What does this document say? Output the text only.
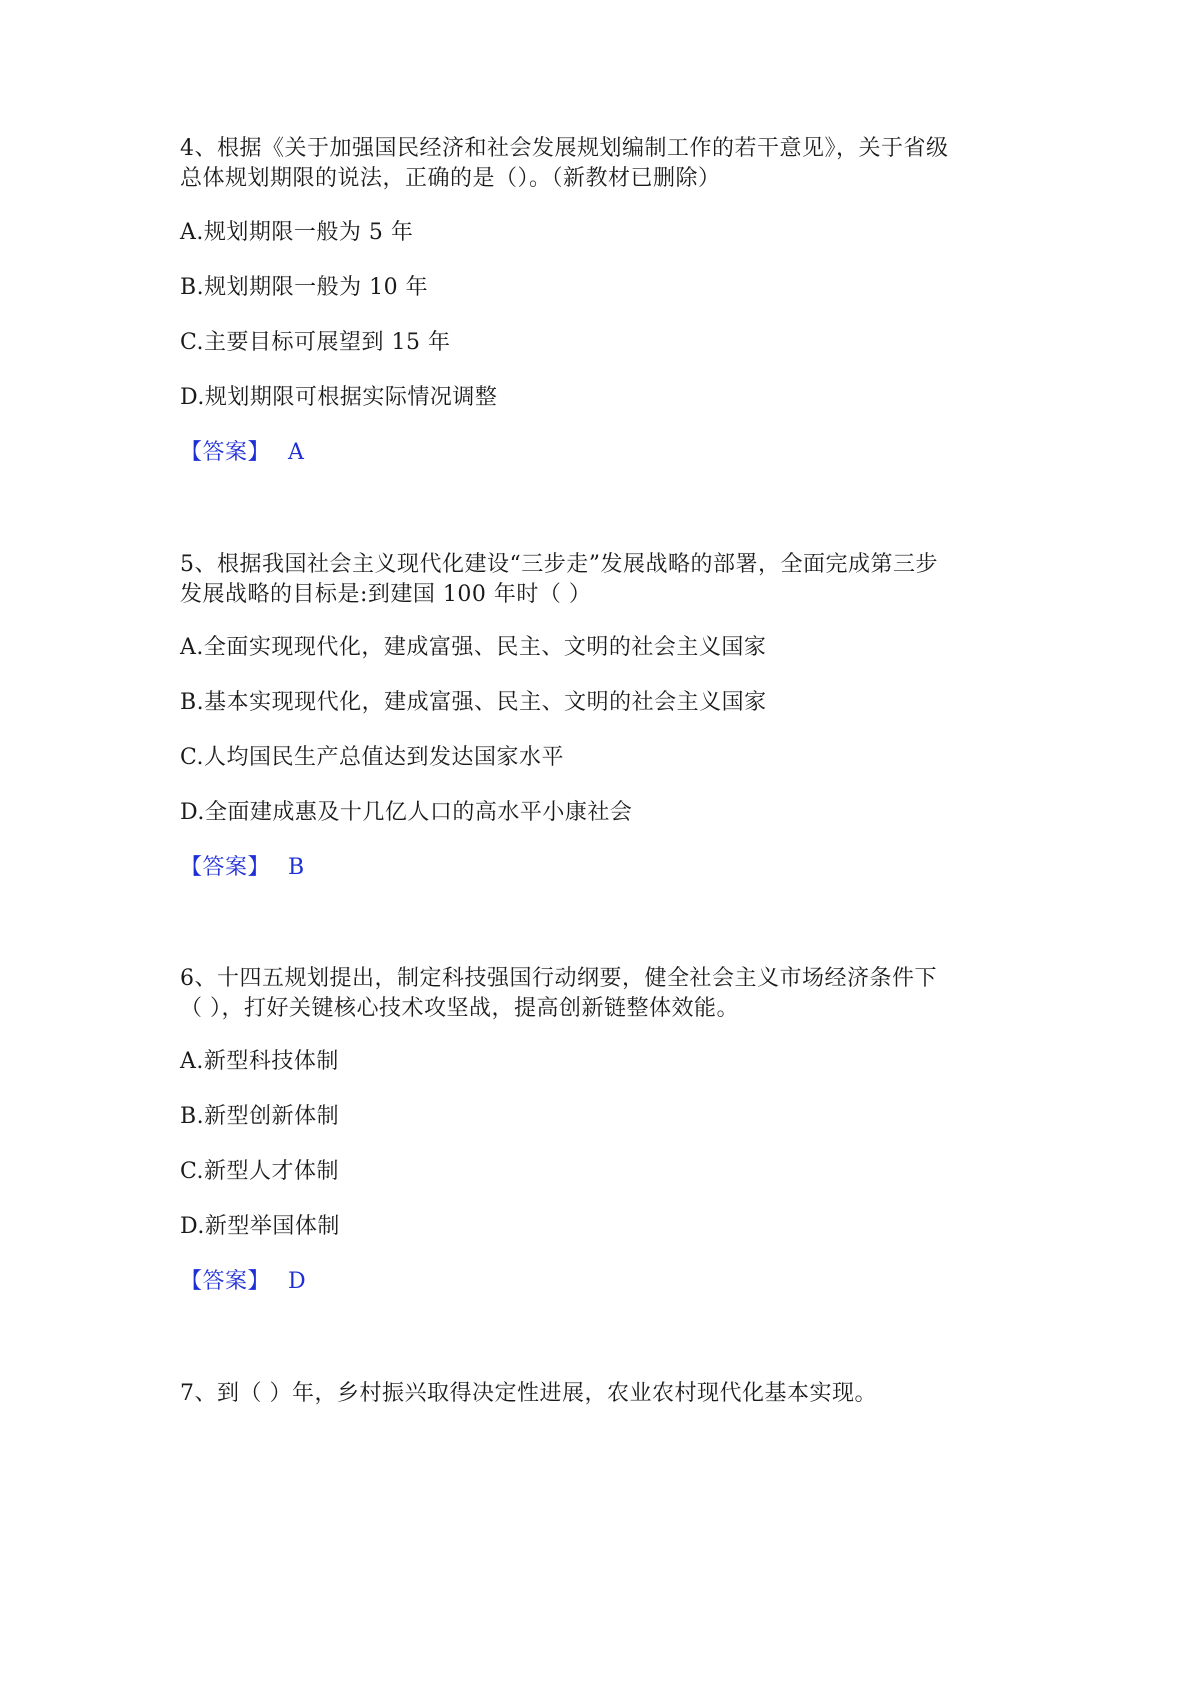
4、根据《关于加强国民经济和社会发展规划编制工作的若干意见》，关于省级
总体规划期限的说法，正确的是（）。（新教材已删除）
A.规划期限一般为 5 年
B.规划期限一般为 10 年
C.主要目标可展望到 15 年
D.规划期限可根据实际情况调整
【答案】 A
5、根据我国社会主义现代化建设“三步走”发展战略的部署，全面完成第三步
发展战略的目标是:到建国 100 年时（ ）
A.全面实现现代化，建成富强、民主、文明的社会主义国家
B.基本实现现代化，建成富强、民主、文明的社会主义国家
C.人均国民生产总值达到发达国家水平
D.全面建成惠及十几亿人口的高水平小康社会
【答案】 B
6、十四五规划提出，制定科技强国行动纲要，健全社会主义市场经济条件下
（ ），打好关键核心技术攻坚战，提高创新链整体效能。
A.新型科技体制
B.新型创新体制
C.新型人才体制
D.新型举国体制
【答案】 D
7、到（ ）年，乡村振兴取得决定性进展，农业农村现代化基本实现。
